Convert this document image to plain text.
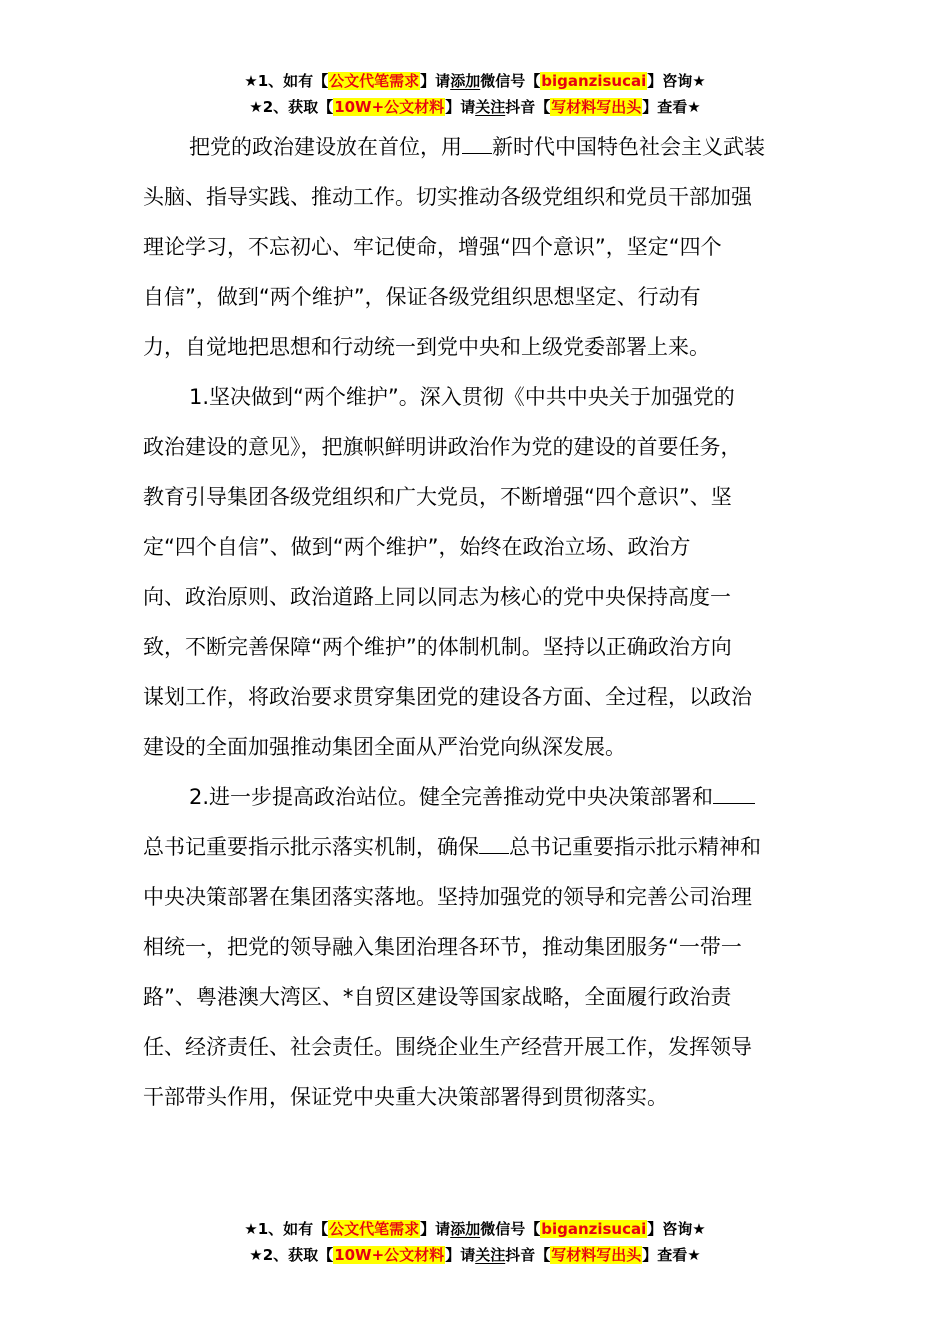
★1、如有【公文代笔需求】请添加微信号【biganzisucai】咨询★
★2、获取【10W+公文材料】请关注抖音【写材料写出头】查看★
把党的政治建设放在首位，用 新时代中国特色社会主义武装
头脑、指导实践、推动工作。切实推动各级党组织和党员干部加强
理论学习，不忘初心、牢记使命，增强“四个意识”，坚定“四个
自信”，做到“两个维护”，保证各级党组织思想坚定、行动有
力，自觉地把思想和行动统一到党中央和上级党委部署上来。
1.坚决做到“两个维护”。深入贯彻《中共中央关于加强党的
政治建设的意见》，把旗帜鲜明讲政治作为党的建设的首要任务，
教育引导集团各级党组织和广大党员，不断增强“四个意识”、坚
定“四个自信”、做到“两个维护”，始终在政治立场、政治方
向、政治原则、政治道路上同以同志为核心的党中央保持高度一
致，不断完善保障“两个维护”的体制机制。坚持以正确政治方向
谋划工作，将政治要求贯穿集团党的建设各方面、全过程，以政治
建设的全面加强推动集团全面从严治党向纵深发展。
2.进一步提高政治站位。健全完善推动党中央决策部署和
总书记重要指示批示落实机制，确保 总书记重要指示批示精神和
中央决策部署在集团落实落地。坚持加强党的领导和完善公司治理
相统一，把党的领导融入集团治理各环节，推动集团服务“一带一
路”、粤港澳大湾区、*自贸区建设等国家战略，全面履行政治责
任、经济责任、社会责任。围绕企业生产经营开展工作，发挥领导
干部带头作用，保证党中央重大决策部署得到贯彻落实。
★1、如有【公文代笔需求】请添加微信号【biganzisucai】咨询★
★2、获取【10W+公文材料】请关注抖音【写材料写出头】查看★
